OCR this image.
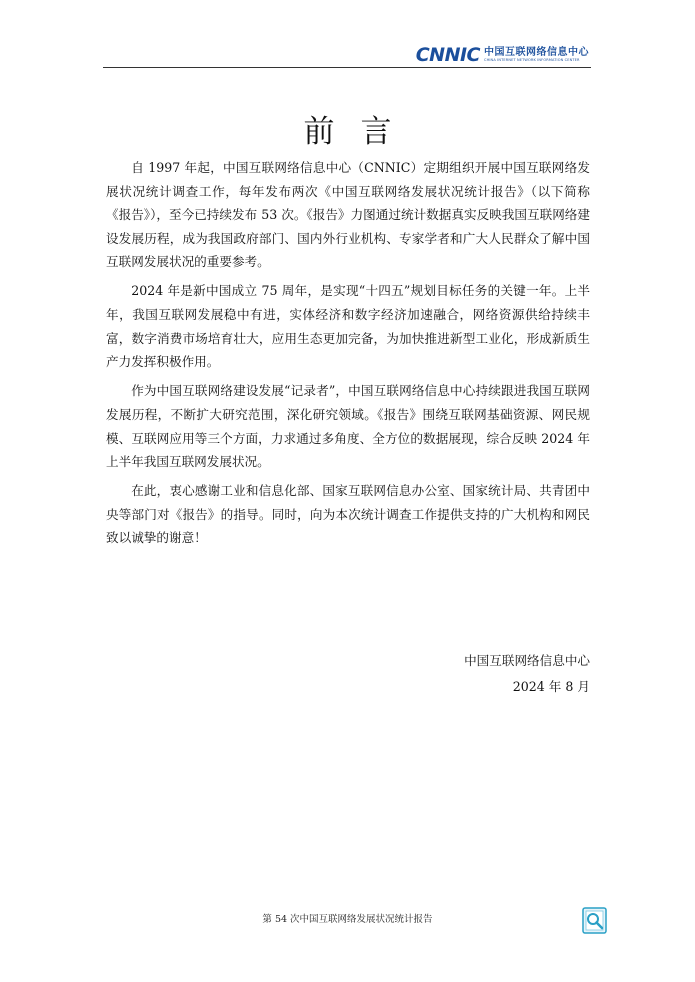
CNNIC 中国互联网络信息中心
CHINA INTERNET NETWORK INFORMATION CENTER
前言

自 1997 年起，中国互联网络信息中心（CNNIC）定期组织开展中国互联网络发展状况统计调查工作，每年发布两次《中国互联网络发展状况统计报告》（以下简称《报告》），至今已持续发布 53 次。《报告》力图通过统计数据真实反映我国互联网络建设发展历程，成为我国政府部门、国内外行业机构、专家学者和广大人民群众了解中国互联网发展状况的重要参考。

2024 年是新中国成立 75 周年，是实现“十四五”规划目标任务的关键一年。上半年，我国互联网发展稳中有进，实体经济和数字经济加速融合，网络资源供给持续丰富，数字消费市场培育壮大，应用生态更加完备，为加快推进新型工业化，形成新质生产力发挥积极作用。

作为中国互联网络建设发展“记录者”，中国互联网络信息中心持续跟进我国互联网发展历程，不断扩大研究范围，深化研究领域。《报告》围绕互联网基础资源、网民规模、互联网应用等三个方面，力求通过多角度、全方位的数据展现，综合反映 2024 年上半年我国互联网发展状况。

在此，衷心感谢工业和信息化部、国家互联网信息办公室、国家统计局、共青团中央等部门对《报告》的指导。同时，向为本次统计调查工作提供支持的广大机构和网民致以诚挚的谢意！

中国互联网络信息中心
2024 年 8 月
第 54 次中国互联网络发展状况统计报告
